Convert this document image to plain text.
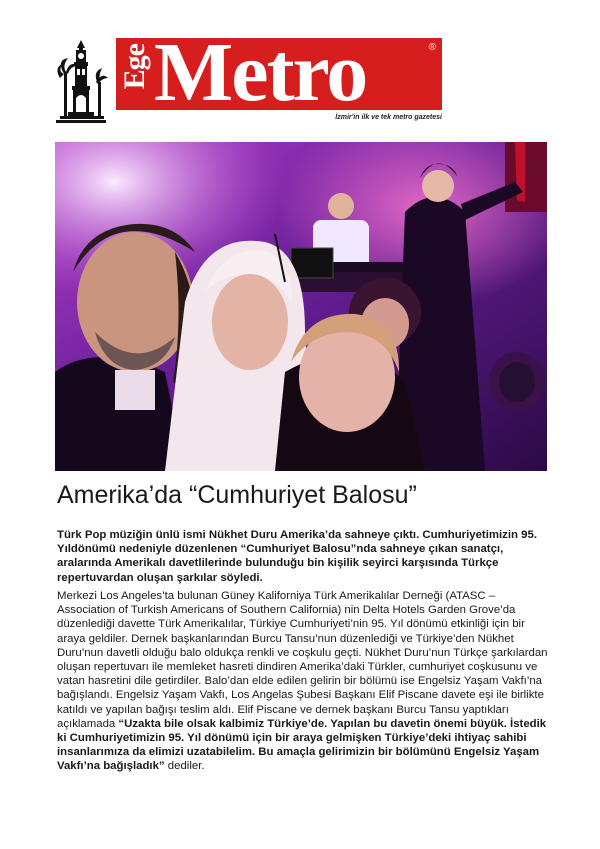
Ege Metro	®
İzmir'in ilk ve tek metro gazetesi
Amerika’da “Cumhuriyet Balosu”

Türk Pop müziğin ünlü ismi Nükhet Duru Amerika’da sahneye çıktı. Cumhuriyetimizin 95. Yıldönümü nedeniyle düzenlenen “Cumhuriyet Balosu”nda sahneye çıkan sanatçı, aralarında Amerikalı davetlilerinde bulunduğu bin kişilik seyirci karşısında Türkçe repertuvardan oluşan şarkılar söyledi.

Merkezi Los Angeles’ta bulunan Güney Kaliforniya Türk Amerikalılar Derneği (ATASC – Association of Turkish Americans of Southern California) nin Delta Hotels Garden Grove’da düzenlediği davette Türk Amerikalılar, Türkiye Cumhuriyeti’nin 95. Yıl dönümü etkinliği için bir araya geldiler. Dernek başkanlarından Burcu Tansu’nun düzenlediği ve Türkiye’den Nükhet Duru’nun davetli olduğu balo oldukça renkli ve coşkulu geçti. Nükhet Duru’nun Türkçe şarkılardan oluşan repertuvarı ile memleket hasreti dindiren Amerika’daki Türkler, cumhuriyet coşkusunu ve vatan hasretini dile getirdiler. Balo’dan elde edilen gelirin bir bölümü ise Engelsiz Yaşam Vakfı’na bağışlandı. Engelsiz Yaşam Vakfı, Los Angelas Şubesi Başkanı Elif Piscane davete eşi ile birlikte katıldı ve yapılan bağışı teslim aldı. Elif Piscane ve dernek başkanı Burcu Tansu yaptıkları açıklamada “Uzakta bile olsak kalbimiz Türkiye’de. Yapılan bu davetin önemi büyük. İstedik ki Cumhuriyetimizin 95. Yıl dönümü için bir araya gelmişken Türkiye’deki ihtiyaç sahibi insanlarımıza da elimizi uzatabilelim. Bu amaçla gelirimizin bir bölümünü Engelsiz Yaşam Vakfı’na bağışladık” dediler.
